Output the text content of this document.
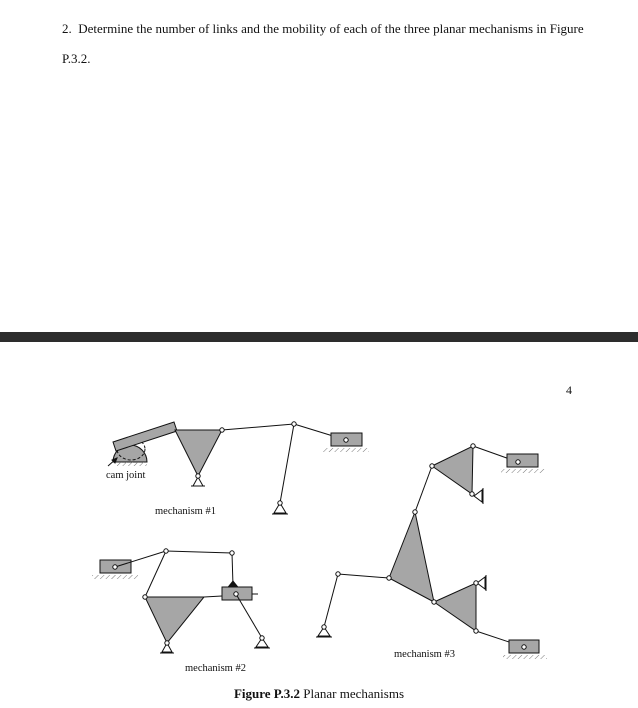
2. Determine the number of links and the mobility of each of the three planar mechanisms in Figure P.3.2.
4
cam joint
mechanism #1
mechanism #2
mechanism #3
Figure P.3.2 Planar mechanisms
